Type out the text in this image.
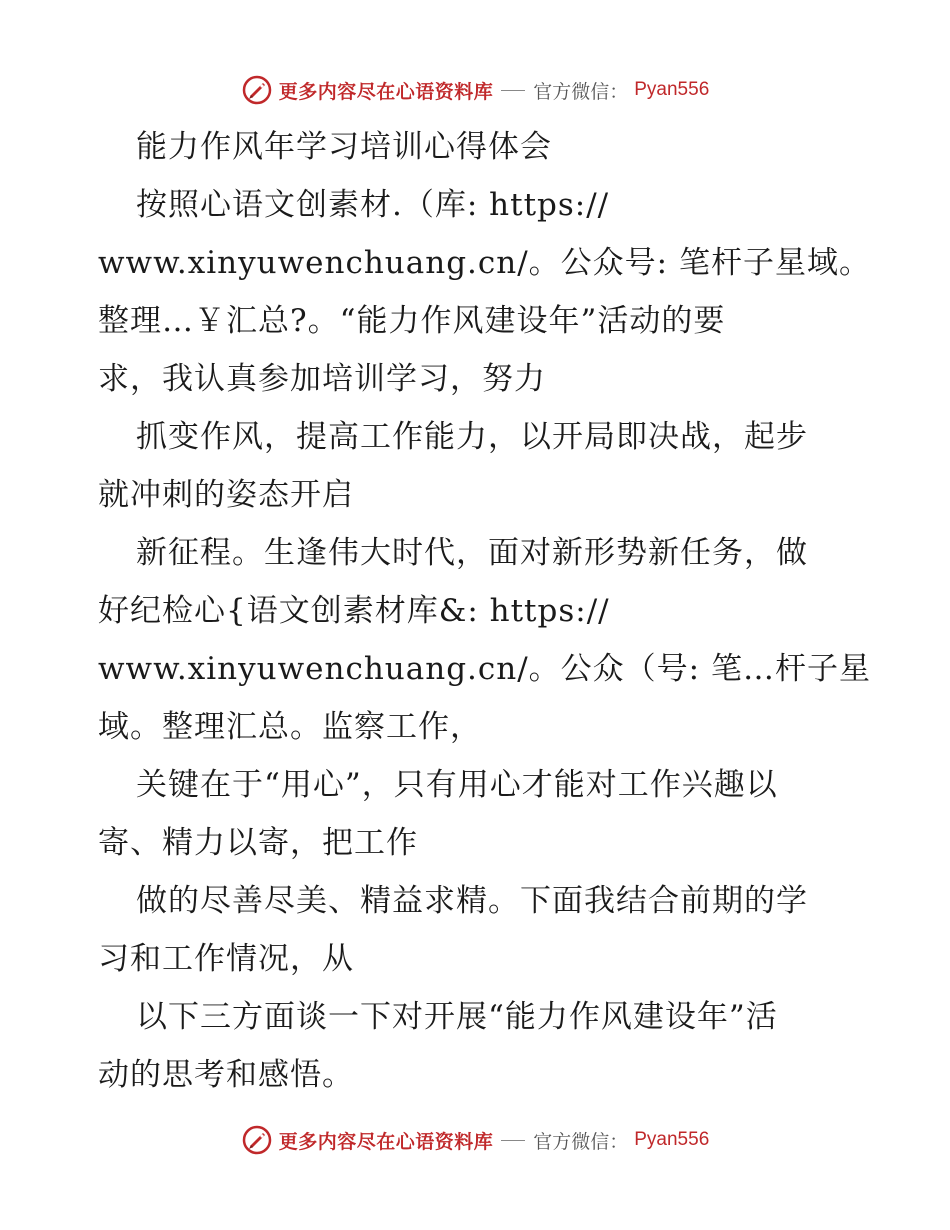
更多内容尽在心语资料库 官方微信： Pyan556
能力作风年学习培训心得体会
按照心语文创素材.（库: https://
www.xinyuwenchuang.cn/。公众号: 笔杆子星域。
整理…￥汇总?。“能力作风建设年”活动的要
求，我认真参加培训学习，努力
抓变作风，提高工作能力，以开局即决战，起步
就冲刺的姿态开启
新征程。生逢伟大时代，面对新形势新任务，做
好纪检心{语文创素材库&: https://
www.xinyuwenchuang.cn/。公众（号: 笔…杆子星
域。整理汇总。监察工作，
关键在于“用心”，只有用心才能对工作兴趣以
寄、精力以寄，把工作
做的尽善尽美、精益求精。下面我结合前期的学
习和工作情况，从
以下三方面谈一下对开展“能力作风建设年”活
动的思考和感悟。
更多内容尽在心语资料库 官方微信： Pyan556
